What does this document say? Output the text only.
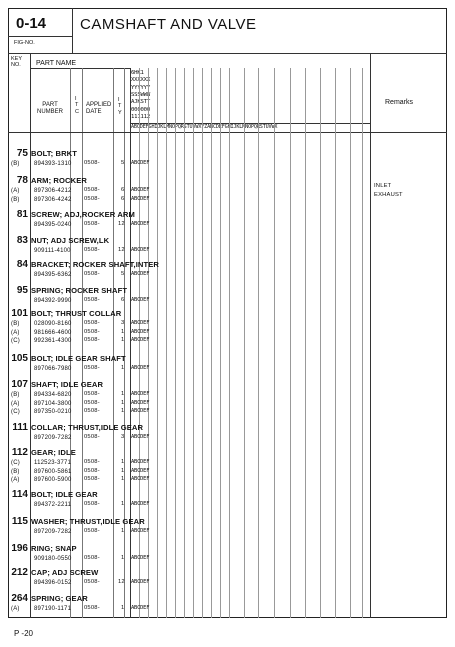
0-14 CAMSHAFT AND VALVE
FIG-NO.
KEY
NO. PART NAME
PART
NUMBER
I
T
C
APPLIED
DATE
I
T
Y
Remarks
6HK1
XXXXXX
YYYYYY
SSSWWW
AJKSTT
000000
111112
ABCDEFGHIJKLMNOPQRSTUVWXYZABCDEFGHIJKLMNOPQRSTUVWX
75 BOLT; BRKT
(B) 894393-1310 0508-	5 ABCDEF
78 ARM; ROCKER
(A) 897306-4212 0508-	6 ABCDEF
INLET
(B) 897306-4242 0508-	6 ABCDEF
EXHAUST
81 SCREW; ADJ,ROCKER ARM
894395-0240 0508-	12 ABCDEF
83 NUT; ADJ SCREW,LK
909111-4100 0508-	12 ABCDEF
84 BRACKET; ROCKER SHAFT,INTER
894395-6362 0508-	5 ABCDEF
95 SPRING; ROCKER SHAFT
894392-9990 0508-	6 ABCDEF
101 BOLT; THRUST COLLAR
(B) 028090-8160 0508-	3 ABCDEF
(A) 981666-4600 0508-	1 ABCDEF
(C) 992361-4300 0508-	1 ABCDEF
105 BOLT; IDLE GEAR SHAFT
897066-7980 0508-	1 ABCDEF
107 SHAFT; IDLE GEAR
(B) 894334-6820 0508-	1 ABCDEF
(A) 897104-3800 0508-	1 ABCDEF
(C) 897350-0210 0508-	1 ABCDEF
111 COLLAR; THRUST,IDLE GEAR
897209-7282 0508-	3 ABCDEF
112 GEAR; IDLE
(C) 112523-3771 0508-	1 ABCDEF
(B) 897600-5861 0508-	1 ABCDEF
(A) 897600-5900 0508-	1 ABCDEF
114 BOLT; IDLE GEAR
894372-2211 0508-	1 ABCDEF
115 WASHER; THRUST,IDLE GEAR
897209-7282 0508-	1 ABCDEF
196 RING; SNAP
909180-0550 0508-	1 ABCDEF
212 CAP; ADJ SCREW
894396-0152 0508-	12 ABCDEF
264 SPRING; GEAR
(A) 897190-1171 0508-	1 ABCDEF
P -20
